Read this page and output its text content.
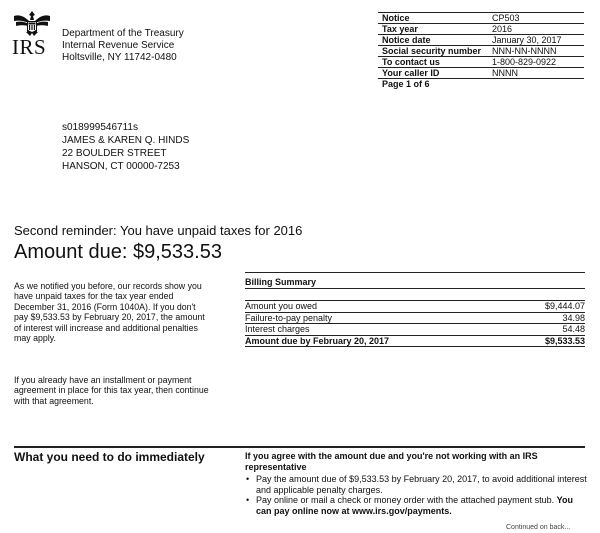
IRS
Department of the Treasury
Internal Revenue Service
Holtsville, NY 11742-0480
Notice	CP503
Tax year	2016
Notice date	January 30, 2017
Social security number	NNN-NN-NNNN
To contact us	1-800-829-0922
Your caller ID	NNNN
Page 1 of 6	
s018999546711s
JAMES & KAREN Q. HINDS
22 BOULDER STREET
HANSON, CT 00000-7253
Second reminder: You have unpaid taxes for 2016
Amount due: $9,533.53
As we notified you before, our records show you have unpaid taxes for the tax year ended December 31, 2016 (Form 1040A). If you don't pay $9,533.53 by February 20, 2017, the amount of interest will increase and additional penalties may apply.
If you already have an installment or payment agreement in place for this tax year, then continue with that agreement.
Billing Summary
Amount you owed	$9,444.07
Failure-to-pay penalty	34.98
Interest charges	54.48
Amount due by February 20, 2017	$9,533.53
What you need to do immediately	If you agree with the amount due and you're not working with an IRS representative
• Pay the amount due of $9,533.53 by February 20, 2017, to avoid additional interest and applicable penalty charges.
• Pay online or mail a check or money order with the attached payment stub. You can pay online now at www.irs.gov/payments.
Continued on back...
